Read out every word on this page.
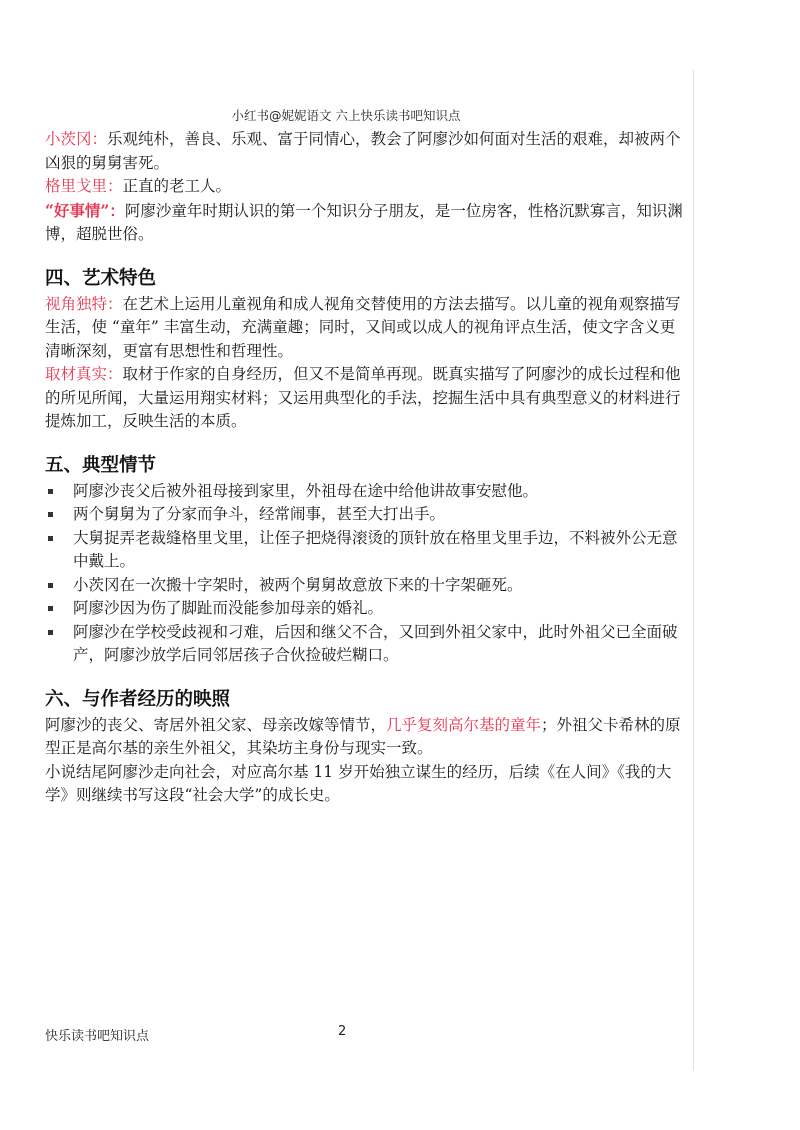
小红书@妮妮语文 六上快乐读书吧知识点

小茨冈：乐观纯朴，善良、乐观、富于同情心，教会了阿廖沙如何面对生活的艰难，却被两个凶狠的舅舅害死。

格里戈里：正直的老工人。

“好事情”：阿廖沙童年时期认识的第一个知识分子朋友，是一位房客，性格沉默寡言，知识渊博，超脱世俗。

四、艺术特色

视角独特：在艺术上运用儿童视角和成人视角交替使用的方法去描写。以儿童的视角观察描写生活，使 “童年” 丰富生动，充满童趣；同时，又间或以成人的视角评点生活，使文字含义更清晰深刻，更富有思想性和哲理性。

取材真实：取材于作家的自身经历，但又不是简单再现。既真实描写了阿廖沙的成长过程和他的所见所闻，大量运用翔实材料；又运用典型化的手法，挖掘生活中具有典型意义的材料进行提炼加工，反映生活的本质。

五、典型情节
阿廖沙丧父后被外祖母接到家里，外祖母在途中给他讲故事安慰他。
两个舅舅为了分家而争斗，经常闹事，甚至大打出手。
大舅捉弄老裁缝格里戈里，让侄子把烧得滚烫的顶针放在格里戈里手边，不料被外公无意中戴上。
小茨冈在一次搬十字架时，被两个舅舅故意放下来的十字架砸死。
阿廖沙因为伤了脚趾而没能参加母亲的婚礼。
阿廖沙在学校受歧视和刁难，后因和继父不合，又回到外祖父家中，此时外祖父已全面破产，阿廖沙放学后同邻居孩子合伙捡破烂糊口。
六、与作者经历的映照

阿廖沙的丧父、寄居外祖父家、母亲改嫁等情节，几乎复刻高尔基的童年；外祖父卡希林的原型正是高尔基的亲生外祖父，其染坊主身份与现实一致。

小说结尾阿廖沙走向社会，对应高尔基 11 岁开始独立谋生的经历，后续《在人间》《我的大学》则继续书写这段“社会大学”的成长史。

快乐读书吧知识点	2
